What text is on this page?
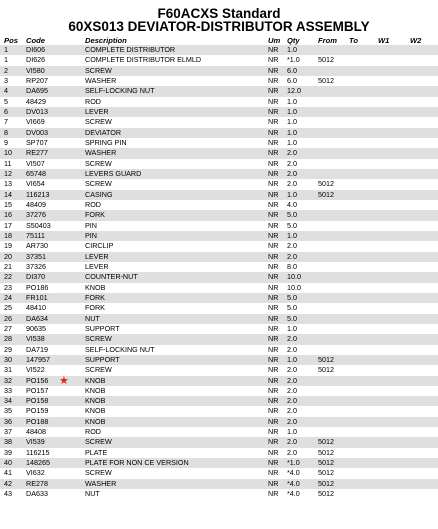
F60ACXS Standard
60XS013 DEVIATOR-DISTRIBUTOR ASSEMBLY
Pos Code	Description	Um Qty From To	W1	W2
1	DI606	COMPLETE DISTRIBUTOR	NR 1.0
1	DI626	COMPLETE DISTRIBUTOR ELMLD	NR *1.0	5012
2	VI580	SCREW	NR 6.0
3	RP207	WASHER	NR 6.0	5012
4	DA695	SELF-LOCKING NUT	NR 12.0
5	48429	ROD	NR 1.0
6	DV013	LEVER	NR 1.0
7	VI669	SCREW	NR 1.0
8	DV003	DEVIATOR	NR 1.0
9	SP707	SPRING PIN	NR 1.0
10 RE277	WASHER	NR 2.0
11 VI507	SCREW	NR 2.0
12 65748	LEVERS GUARD	NR 2.0
13 VI654	SCREW	NR 2.0	5012
14 116213	CASING	NR 1.0	5012
15 48409	ROD	NR 4.0
16 37276	FORK	NR 5.0
17 S50403	PIN	NR 5.0
18 75111	PIN	NR 1.0
19 AR730	CIRCLIP	NR 2.0
20 37351	LEVER	NR 2.0
21 37326	LEVER	NR 8.0
22 DI370	COUNTER-NUT	NR 10.0
23 PO186	KNOB	NR 10.0
24 FR101	FORK	NR 5.0
25 48410	FORK	NR 5.0
26 DA634	NUT	NR 5.0
27 90635	SUPPORT	NR 1.0
28 VI538	SCREW	NR 2.0
29 DA719	SELF-LOCKING NUT	NR 2.0
30 147957	SUPPORT	NR 1.0	5012
31 VI522	SCREW	NR 2.0	5012
32 PO156	KNOB	NR 2.0
★
33 PO157	KNOB	NR 2.0
34 PO158	KNOB	NR 2.0
35 PO159	KNOB	NR 2.0
36 PO188	KNOB	NR 2.0
37 48408	ROD	NR 1.0
38 VI539	SCREW	NR 2.0	5012
39 116215	PLATE	NR 2.0	5012
40 148265	PLATE FOR NON CE VERSION	NR *1.0	5012
41 VI632	SCREW	NR *4.0	5012
42 RE278	WASHER	NR *4.0	5012
43 DA633	NUT	NR *4.0	5012
